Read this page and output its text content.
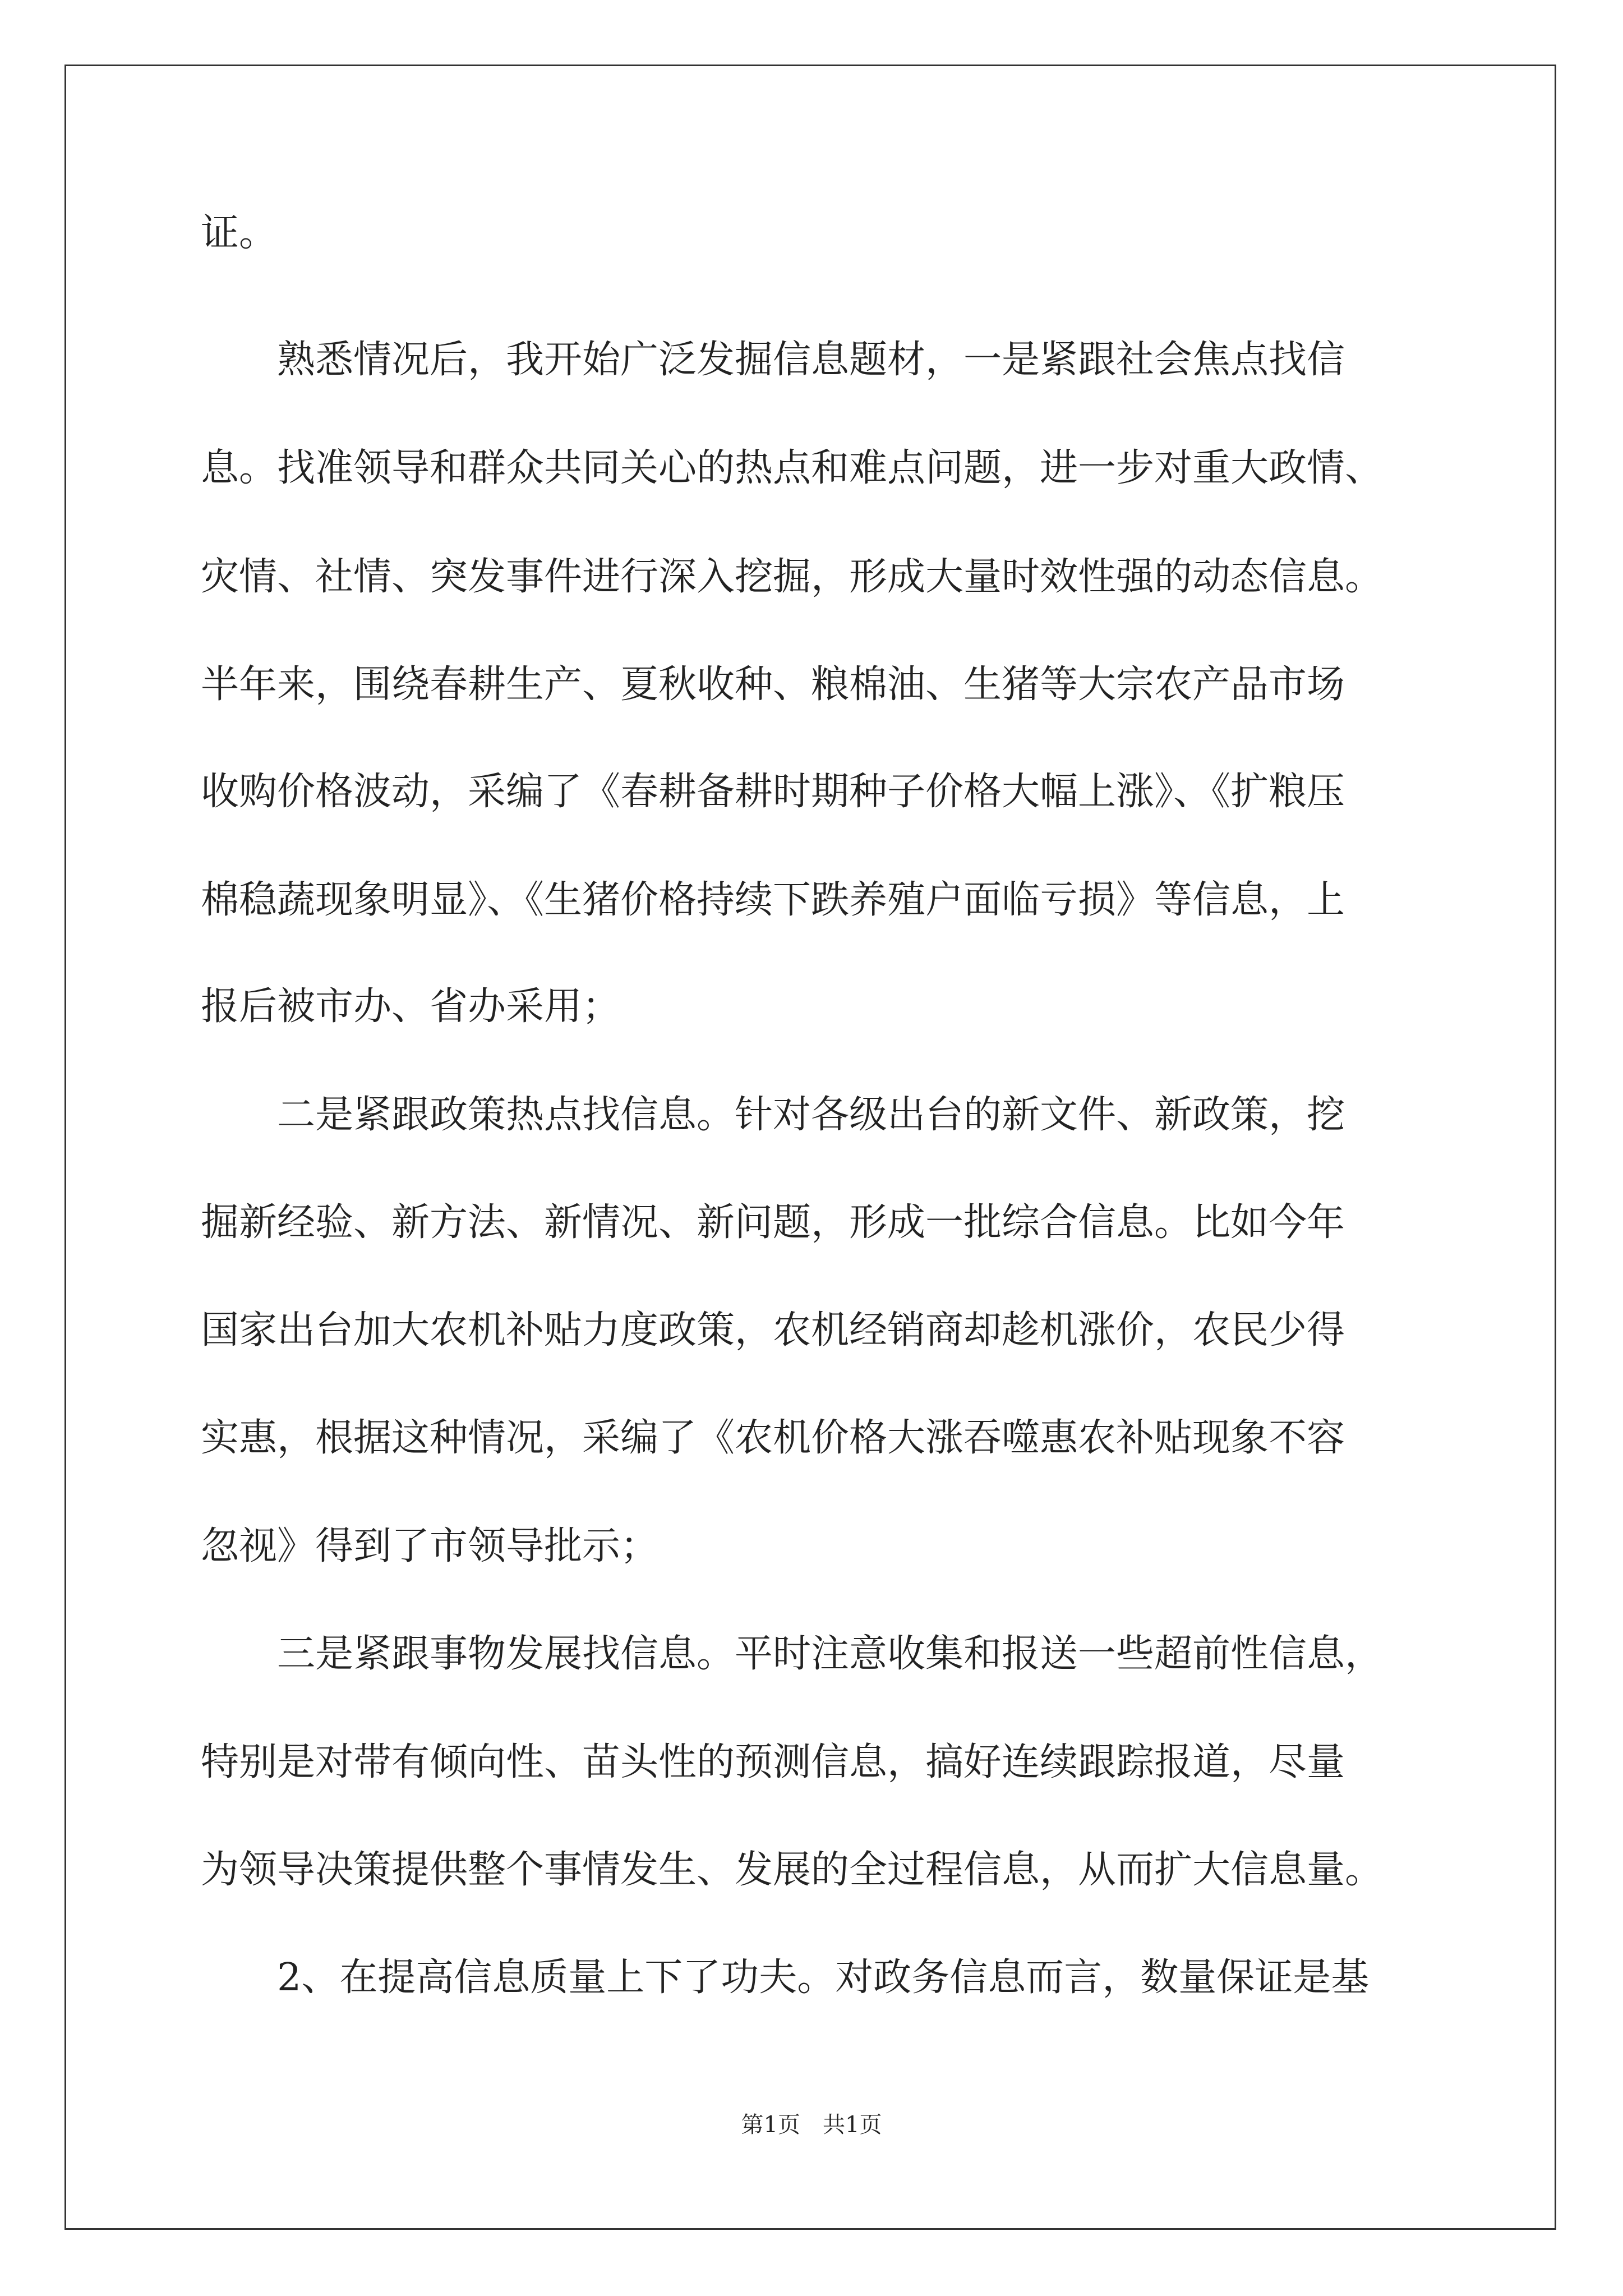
证。
　　熟悉情况后，我开始广泛发掘信息题材，一是紧跟社会焦点找信
息。找准领导和群众共同关心的热点和难点问题，进一步对重大政情、
灾情、社情、突发事件进行深入挖掘，形成大量时效性强的动态信息。
半年来，围绕春耕生产、夏秋收种、粮棉油、生猪等大宗农产品市场
收购价格波动，采编了《春耕备耕时期种子价格大幅上涨》、《扩粮压
棉稳蔬现象明显》、《生猪价格持续下跌养殖户面临亏损》等信息，上
报后被市办、省办采用；
　　二是紧跟政策热点找信息。针对各级出台的新文件、新政策，挖
掘新经验、新方法、新情况、新问题，形成一批综合信息。比如今年
国家出台加大农机补贴力度政策，农机经销商却趁机涨价，农民少得
实惠，根据这种情况，采编了《农机价格大涨吞噬惠农补贴现象不容
忽视》得到了市领导批示；
　　三是紧跟事物发展找信息。平时注意收集和报送一些超前性信息，
特别是对带有倾向性、苗头性的预测信息，搞好连续跟踪报道，尽量
为领导决策提供整个事情发生、发展的全过程信息，从而扩大信息量。
　　2、在提高信息质量上下了功夫。对政务信息而言，数量保证是基
第1页　共1页
